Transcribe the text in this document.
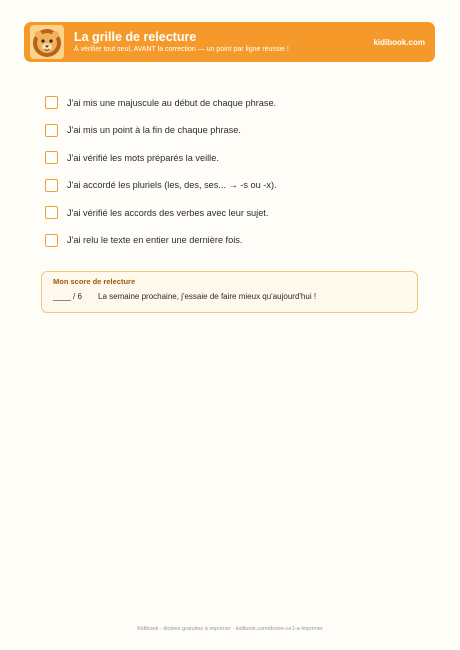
La grille de relecture
À vérifier tout seul, AVANT la correction — un point par ligne réussie !
kidibook.com
J'ai mis une majuscule au début de chaque phrase.
J'ai mis un point à la fin de chaque phrase.
J'ai vérifié les mots préparés la veille.
J'ai accordé les pluriels (les, des, ses... → -s ou -x).
J'ai vérifié les accords des verbes avec leur sujet.
J'ai relu le texte en entier une dernière fois.
Mon score de relecture
____ / 6	La semaine prochaine, j'essaie de faire mieux qu'aujourd'hui !
Kidibook · dictées gratuites à imprimer · kidibook.com/dictee-ce1-a-imprimer
